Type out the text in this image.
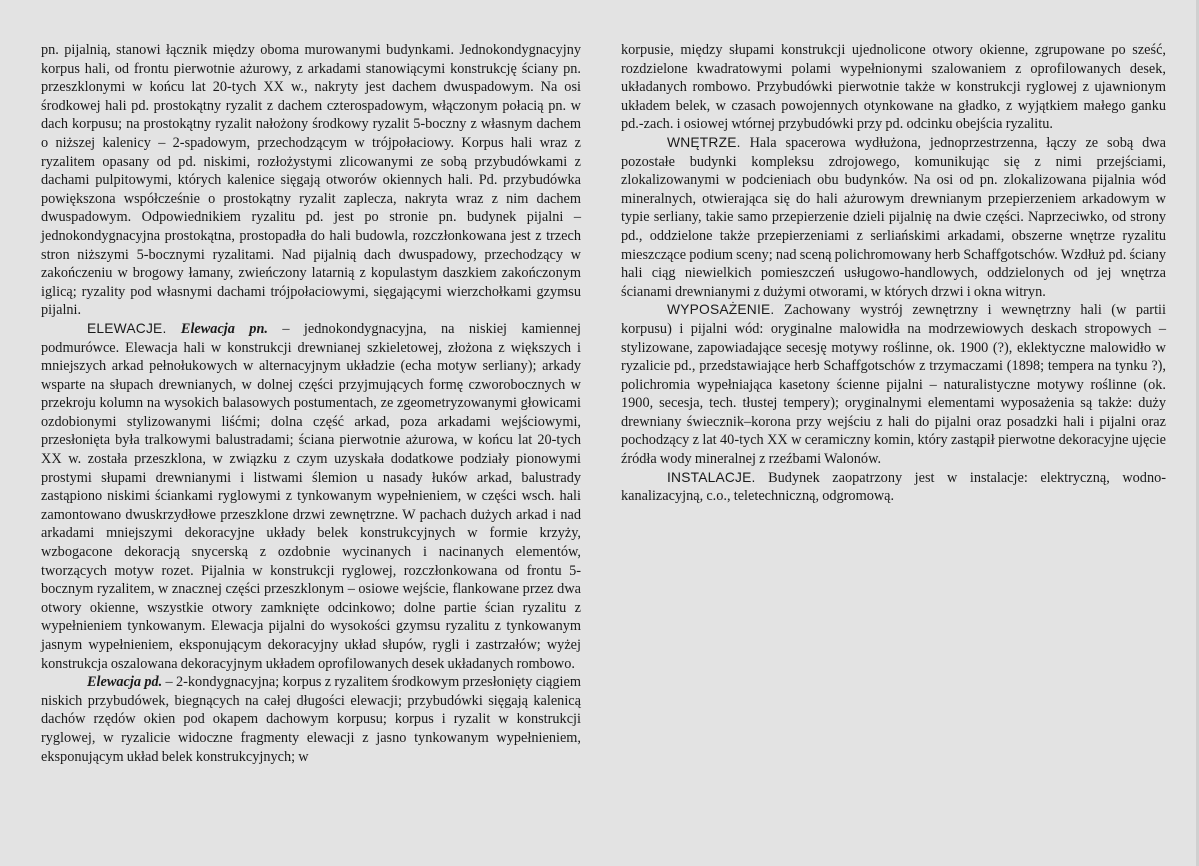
pn. pijalnią, stanowi łącznik między oboma murowanymi budynkami. Jednokondygnacyjny korpus hali, od frontu pierwotnie ażurowy, z arkadami stanowiącymi konstrukcję ściany pn. przeszklonymi w końcu lat 20-tych XX w., nakryty jest dachem dwuspadowym. Na osi środkowej hali pd. prostokątny ryzalit z dachem czterospadowym, włączonym połacią pn. w dach korpusu; na prostokątny ryzalit nałożony środkowy ryzalit 5-boczny z własnym dachem o niższej kalenicy – 2-spadowym, przechodzącym w trójpołaciowy. Korpus hali wraz z ryzalitem opasany od pd. niskimi, rozłożystymi zlicowanymi ze sobą przybudówkami z dachami pulpitowymi, których kalenice sięgają otworów okiennych hali. Pd. przybudówka powiększona współcześnie o prostokątny ryzalit zaplecza, nakryta wraz z nim dachem dwuspadowym. Odpowiednikiem ryzalitu pd. jest po stronie pn. budynek pijalni – jednokondygnacyjna prostokątna, prostopadła do hali budowla, rozczłonkowana jest z trzech stron niższymi 5-bocznymi ryzalitami. Nad pijalnią dach dwuspadowy, przechodzący w zakończeniu w brogowy łamany, zwieńczony latarnią z kopulastym daszkiem zakończonym iglicą; ryzality pod własnymi dachami trójpołaciowymi, sięgającymi wierzchołkami gzymsu pijalni.

ELEWACJE. Elewacja pn. – jednokondygnacyjna, na niskiej kamiennej podmurówce. Elewacja hali w konstrukcji drewnianej szkieletowej, złożona z większych i mniejszych arkad pełnołukowych w alternacyjnym układzie (echa motyw serliany); arkady wsparte na słupach drewnianych, w dolnej części przyjmujących formę czworobocznych w przekroju kolumn na wysokich balasowych postumentach, ze zgeometryzowanymi głowicami ozdobionymi stylizowanymi liśćmi; dolna część arkad, poza arkadami wejściowymi, przesłonięta była tralkowymi balustradami; ściana pierwotnie ażurowa, w końcu lat 20-tych XX w. została przeszklona, w związku z czym uzyskała dodatkowe podziały pionowymi prostymi słupami drewnianymi i listwami ślemion u nasady łuków arkad, balustrady zastąpiono niskimi ściankami ryglowymi z tynkowanym wypełnieniem, w części wsch. hali zamontowano dwuskrzydłowe przeszklone drzwi zewnętrzne. W pachach dużych arkad i nad arkadami mniejszymi dekoracyjne układy belek konstrukcyjnych w formie krzyży, wzbogacone dekoracją snycerską z ozdobnie wycinanych i nacinanych elementów, tworzących motyw rozet. Pijalnia w konstrukcji ryglowej, rozczłonkowana od frontu 5-bocznym ryzalitem, w znacznej części przeszklonym – osiowe wejście, flankowane przez dwa otwory okienne, wszystkie otwory zamknięte odcinkowo; dolne partie ścian ryzalitu z wypełnieniem tynkowanym. Elewacja pijalni do wysokości gzymsu ryzalitu z tynkowanym jasnym wypełnieniem, eksponującym dekoracyjny układ słupów, rygli i zastrzałów; wyżej konstrukcja oszalowana dekoracyjnym układem oprofilowanych desek układanych rombowo.

Elewacja pd. – 2-kondygnacyjna; korpus z ryzalitem środkowym przesłonięty ciągiem niskich przybudówek, biegnących na całej długości elewacji; przybudówki sięgają kalenicą dachów rzędów okien pod okapem dachowym korpusu; korpus i ryzalit w konstrukcji ryglowej, w ryzalicie widoczne fragmenty elewacji z jasno tynkowanym wypełnieniem, eksponującym układ belek konstrukcyjnych; w

korpusie, między słupami konstrukcji ujednolicone otwory okienne, zgrupowane po sześć, rozdzielone kwadratowymi polami wypełnionymi szalowaniem z oprofilowanych desek, układanych rombowo. Przybudówki pierwotnie także w konstrukcji ryglowej z ujawnionym układem belek, w czasach powojennych otynkowane na gładko, z wyjątkiem małego ganku pd.-zach. i osiowej wtórnej przybudówki przy pd. odcinku obejścia ryzalitu.

WNĘTRZE. Hala spacerowa wydłużona, jednoprzestrzenna, łączy ze sobą dwa pozostałe budynki kompleksu zdrojowego, komunikując się z nimi przejściami, zlokalizowanymi w podcieniach obu budynków. Na osi od pn. zlokalizowana pijalnia wód mineralnych, otwierająca się do hali ażurowym drewnianym przepierzeniem arkadowym w typie serliany, takie samo przepierzenie dzieli pijalnię na dwie części. Naprzeciwko, od strony pd., oddzielone także przepierzeniami z serliańskimi arkadami, obszerne wnętrze ryzalitu mieszczące podium sceny; nad sceną polichromowany herb Schaffgotschów. Wzdłuż pd. ściany hali ciąg niewielkich pomieszczeń usługowo-handlowych, oddzielonych od jej wnętrza ścianami drewnianymi z dużymi otworami, w których drzwi i okna witryn.

WYPOSAŻENIE. Zachowany wystrój zewnętrzny i wewnętrzny hali (w partii korpusu) i pijalni wód: oryginalne malowidła na modrzewiowych deskach stropowych – stylizowane, zapowiadające secesję motywy roślinne, ok. 1900 (?), eklektyczne malowidło w ryzalicie pd., przedstawiające herb Schaffgotschów z trzymaczami (1898; tempera na tynku ?), polichromia wypełniająca kasetony ścienne pijalni – naturalistyczne motywy roślinne (ok. 1900, secesja, tech. tłustej tempery); oryginalnymi elementami wyposażenia są także: duży drewniany świecznik–korona przy wejściu z hali do pijalni oraz posadzki hali i pijalni oraz pochodzący z lat 40-tych XX w ceramiczny komin, który zastąpił pierwotne dekoracyjne ujęcie źródła wody mineralnej z rzeźbami Walonów.

INSTALACJE. Budynek zaopatrzony jest w instalacje: elektryczną, wodno-kanalizacyjną, c.o., teletechniczną, odgromową.
